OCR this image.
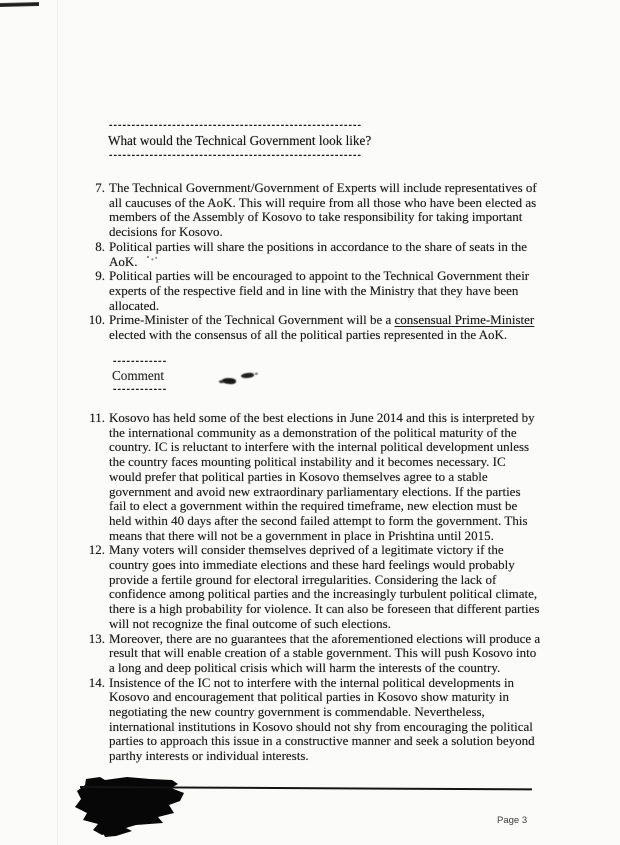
--------------------------------------------------------
What would the Technical Government look like?
--------------------------------------------------------
7. The Technical Government/Government of Experts will include representatives of all caucuses of the AoK. This will require from all those who have been elected as members of the Assembly of Kosovo to take responsibility for taking important decisions for Kosovo.
8. Political parties will share the positions in accordance to the share of seats in the AoK.
9. Political parties will be encouraged to appoint to the Technical Government their experts of the respective field and in line with the Ministry that they have been allocated.
10. Prime-Minister of the Technical Government will be a consensual Prime-Minister elected with the consensus of all the political parties represented in the AoK.
------------
Comment
------------
11. Kosovo has held some of the best elections in June 2014 and this is interpreted by the international community as a demonstration of the political maturity of the country. IC is reluctant to interfere with the internal political development unless the country faces mounting political instability and it becomes necessary. IC would prefer that political parties in Kosovo themselves agree to a stable government and avoid new extraordinary parliamentary elections. If the parties fail to elect a government within the required timeframe, new election must be held within 40 days after the second failed attempt to form the government. This means that there will not be a government in place in Prishtina until 2015.
12. Many voters will consider themselves deprived of a legitimate victory if the country goes into immediate elections and these hard feelings would probably provide a fertile ground for electoral irregularities. Considering the lack of confidence among political parties and the increasingly turbulent political climate, there is a high probability for violence. It can also be foreseen that different parties will not recognize the final outcome of such elections.
13. Moreover, there are no guarantees that the aforementioned elections will produce a result that will enable creation of a stable government. This will push Kosovo into a long and deep political crisis which will harm the interests of the country.
14. Insistence of the IC not to interfere with the internal political developments in Kosovo and encouragement that political parties in Kosovo show maturity in negotiating the new country government is commendable. Nevertheless, international institutions in Kosovo should not shy from encouraging the political parties to approach this issue in a constructive manner and seek a solution beyond parthy interests or individual interests.
Page 3
